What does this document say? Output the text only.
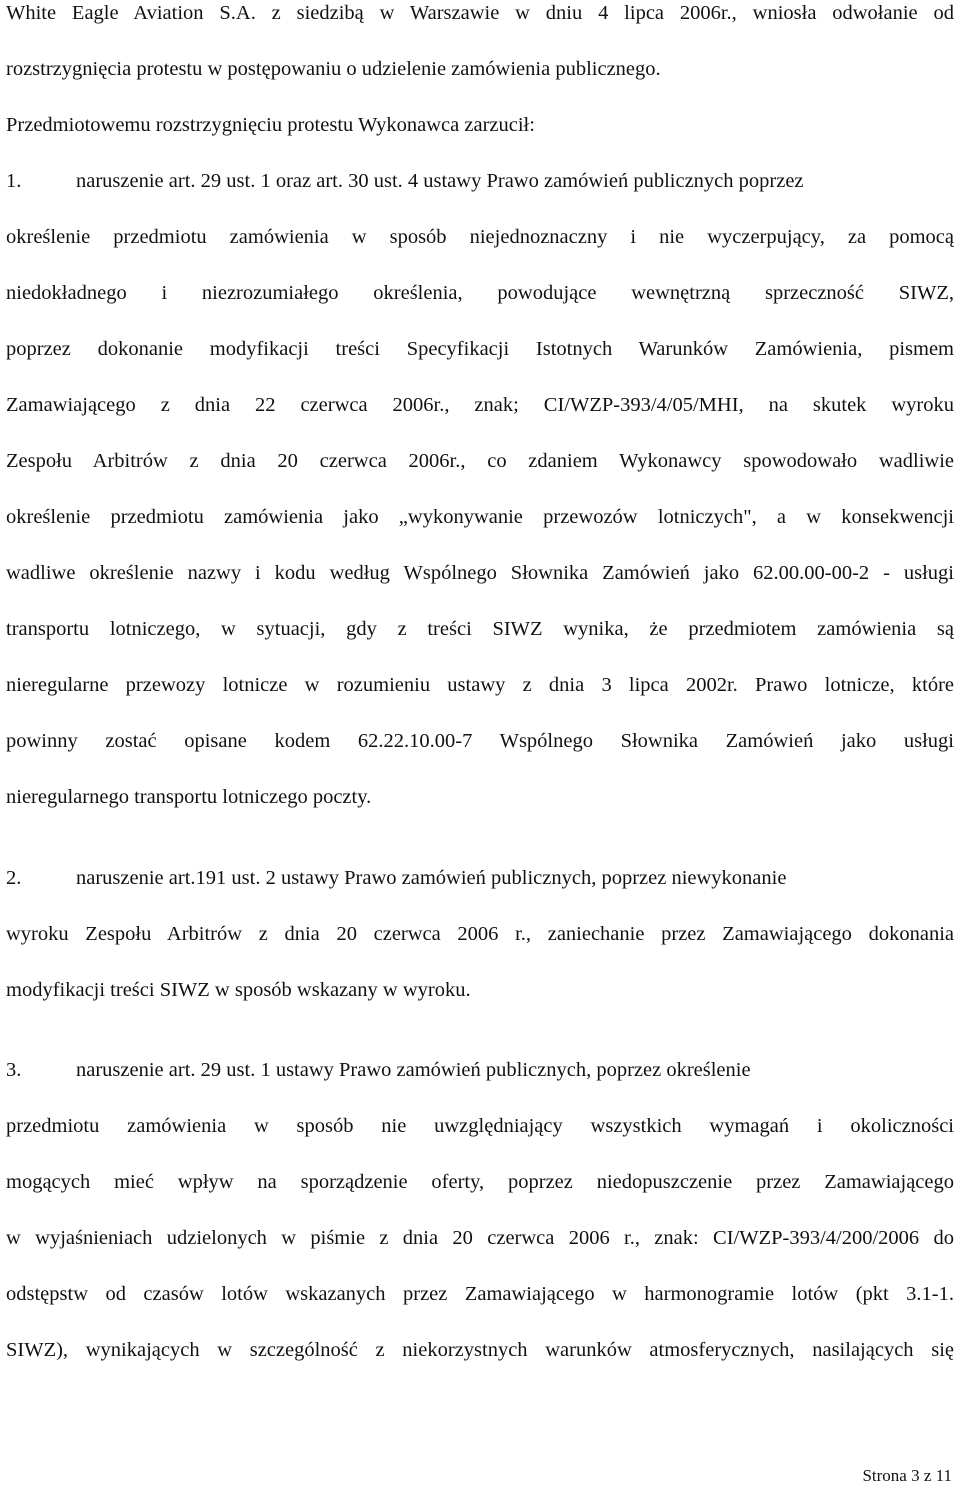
White Eagle Aviation S.A. z siedzibą w Warszawie w dniu 4 lipca 2006r., wniosła odwołanie od
rozstrzygnięcia protestu w postępowaniu o udzielenie zamówienia publicznego.
Przedmiotowemu rozstrzygnięciu protestu Wykonawca zarzucił:
1.	naruszenie art. 29 ust. 1 oraz art. 30 ust. 4 ustawy Prawo zamówień publicznych poprzez
określenie przedmiotu zamówienia w sposób niejednoznaczny i nie wyczerpujący, za pomocą
niedokładnego i niezrozumiałego określenia, powodujące wewnętrzną sprzeczność SIWZ,
poprzez dokonanie modyfikacji treści Specyfikacji Istotnych Warunków Zamówienia, pismem
Zamawiającego z dnia 22 czerwca 2006r., znak; CI/WZP-393/4/05/MHI, na skutek wyroku
Zespołu Arbitrów z dnia 20 czerwca 2006r., co zdaniem Wykonawcy spowodowało wadliwie
określenie przedmiotu zamówienia jako „wykonywanie przewozów lotniczych", a w konsekwencji
wadliwe określenie nazwy i kodu według Wspólnego Słownika Zamówień jako 62.00.00-00-2 - usługi
transportu lotniczego, w sytuacji, gdy z treści SIWZ wynika, że przedmiotem zamówienia są
nieregularne przewozy lotnicze w rozumieniu ustawy z dnia 3 lipca 2002r. Prawo lotnicze, które
powinny zostać opisane kodem 62.22.10.00-7 Wspólnego Słownika Zamówień jako usługi
nieregularnego transportu lotniczego poczty.
2.	naruszenie art.191 ust. 2 ustawy Prawo zamówień publicznych, poprzez niewykonanie
wyroku Zespołu Arbitrów z dnia 20 czerwca 2006 r., zaniechanie przez Zamawiającego dokonania
modyfikacji treści SIWZ w sposób wskazany w wyroku.
3.	naruszenie art. 29 ust. 1 ustawy Prawo zamówień publicznych, poprzez określenie
przedmiotu zamówienia w sposób nie uwzględniający wszystkich wymagań i okoliczności
mogących mieć wpływ na sporządzenie oferty, poprzez niedopuszczenie przez Zamawiającego
w wyjaśnieniach udzielonych w piśmie z dnia 20 czerwca 2006 r., znak: CI/WZP-393/4/200/2006 do
odstępstw od czasów lotów wskazanych przez Zamawiającego w harmonogramie lotów (pkt 3.1-1.
SIWZ), wynikających w szczególność z niekorzystnych warunków atmosferycznych, nasilających się
Strona 3 z 11
